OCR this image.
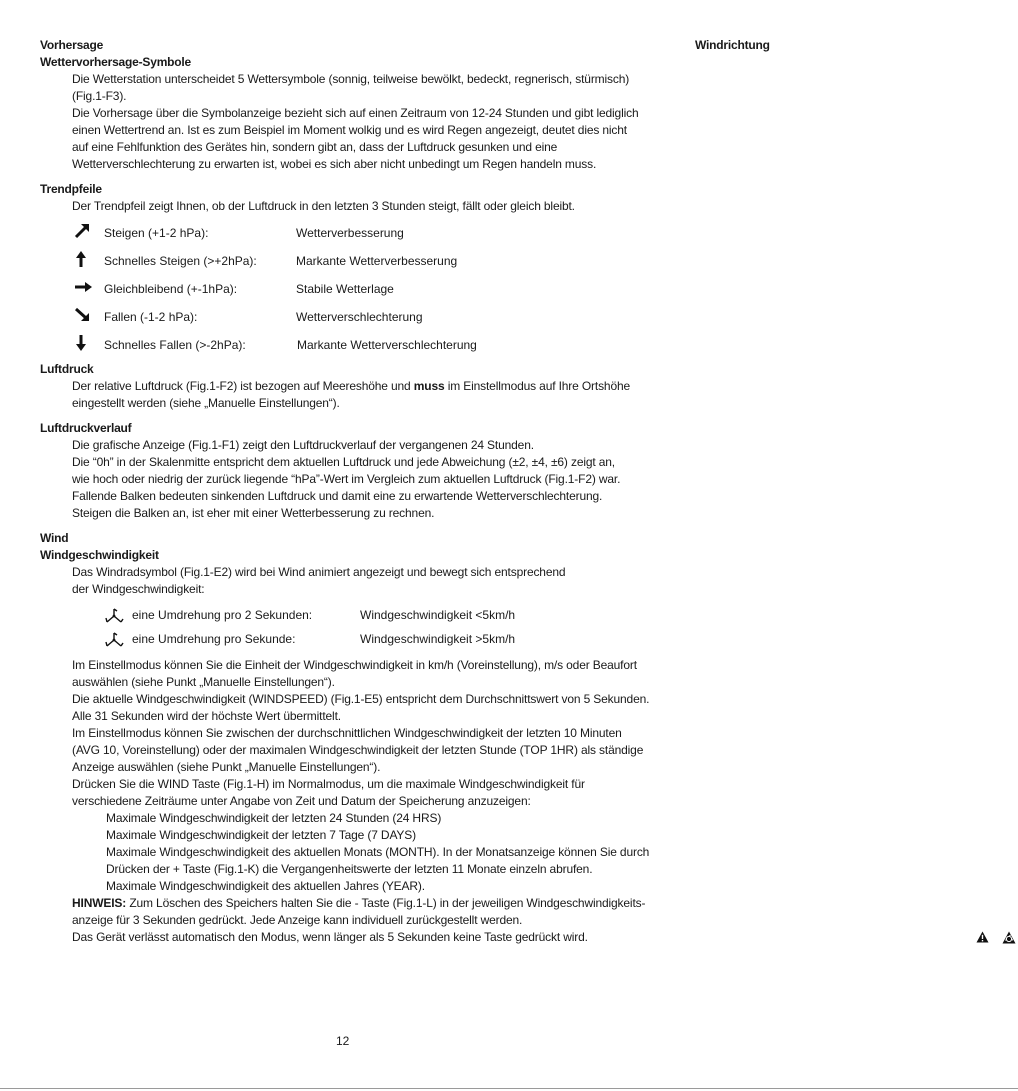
Vorhersage
Wettervorhersage-Symbole
Die Wetterstation unterscheidet 5 Wettersymbole (sonnig, teilweise bewölkt, bedeckt, regnerisch, stürmisch)
(Fig.1-F3).
Die Vorhersage über die Symbolanzeige bezieht sich auf einen Zeitraum von 12-24 Stunden und gibt lediglich
einen Wettertrend an. Ist es zum Beispiel im Moment wolkig und es wird Regen angezeigt, deutet dies nicht
auf eine Fehlfunktion des Gerätes hin, sondern gibt an, dass der Luftdruck gesunken und eine
Wetterverschlechterung zu erwarten ist, wobei es sich aber nicht unbedingt um Regen handeln muss.
Trendpfeile
Der Trendpfeil zeigt Ihnen, ob der Luftdruck in den letzten 3 Stunden steigt, fällt oder gleich bleibt.
Steigen (+1-2 hPa):	Wetterverbesserung
Schnelles Steigen (>+2hPa):	Markante Wetterverbesserung
Gleichbleibend (+-1hPa):	Stabile Wetterlage
Fallen (-1-2 hPa):	Wetterverschlechterung
Schnelles Fallen (>-2hPa):	Markante Wetterverschlechterung
Luftdruck
Der relative Luftdruck (Fig.1-F2) ist bezogen auf Meereshöhe und muss im Einstellmodus auf Ihre Ortshöhe
eingestellt werden (siehe „Manuelle Einstellungen“).
Luftdruckverlauf
Die grafische Anzeige (Fig.1-F1) zeigt den Luftdruckverlauf der vergangenen 24 Stunden.
Die “0h” in der Skalenmitte entspricht dem aktuellen Luftdruck und jede Abweichung (±2, ±4, ±6) zeigt an,
wie hoch oder niedrig der zurück liegende “hPa”-Wert im Vergleich zum aktuellen Luftdruck (Fig.1-F2) war.
Fallende Balken bedeuten sinkenden Luftdruck und damit eine zu erwartende Wetterverschlechterung.
Steigen die Balken an, ist eher mit einer Wetterbesserung zu rechnen.
Wind
Windgeschwindigkeit
Das Windradsymbol (Fig.1-E2) wird bei Wind animiert angezeigt und bewegt sich entsprechend
der Windgeschwindigkeit:
eine Umdrehung pro 2 Sekunden:	Windgeschwindigkeit <5km/h
eine Umdrehung pro Sekunde:	Windgeschwindigkeit >5km/h
Im Einstellmodus können Sie die Einheit der Windgeschwindigkeit in km/h (Voreinstellung), m/s oder Beaufort
auswählen (siehe Punkt „Manuelle Einstellungen“).
Die aktuelle Windgeschwindigkeit (WINDSPEED) (Fig.1-E5) entspricht dem Durchschnittswert von 5 Sekunden.
Alle 31 Sekunden wird der höchste Wert übermittelt.
Im Einstellmodus können Sie zwischen der durchschnittlichen Windgeschwindigkeit der letzten 10 Minuten
(AVG 10, Voreinstellung) oder der maximalen Windgeschwindigkeit der letzten Stunde (TOP 1HR) als ständige
Anzeige auswählen (siehe Punkt „Manuelle Einstellungen“).
Drücken Sie die WIND Taste (Fig.1-H) im Normalmodus, um die maximale Windgeschwindigkeit für
verschiedene Zeiträume unter Angabe von Zeit und Datum der Speicherung anzuzeigen:
Maximale Windgeschwindigkeit der letzten 24 Stunden (24 HRS)
Maximale Windgeschwindigkeit der letzten 7 Tage (7 DAYS)
Maximale Windgeschwindigkeit des aktuellen Monats (MONTH). In der Monatsanzeige können Sie durch
Drücken der + Taste (Fig.1-K) die Vergangenheitswerte der letzten 11 Monate einzeln abrufen.
Maximale Windgeschwindigkeit des aktuellen Jahres (YEAR).
HINWEIS: Zum Löschen des Speichers halten Sie die - Taste (Fig.1-L) in der jeweiligen Windgeschwindigkeits-
anzeige für 3 Sekunden gedrückt. Jede Anzeige kann individuell zurückgestellt werden.
Das Gerät verlässt automatisch den Modus, wenn länger als 5 Sekunden keine Taste gedrückt wird.
Windrichtung
12
